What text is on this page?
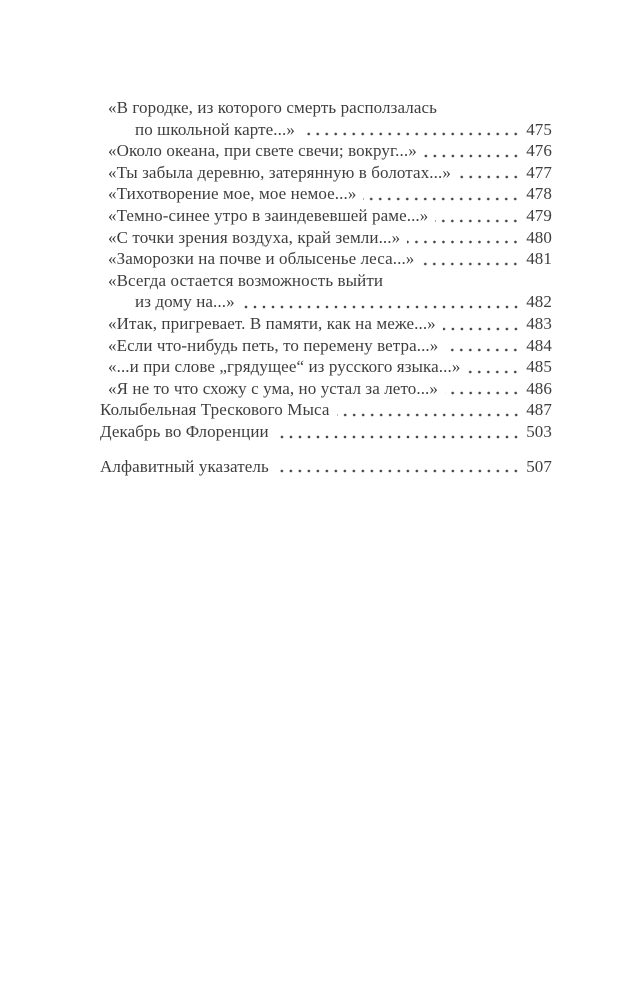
«В городке, из которого смерть расползалась
по школьной карте...»	475
«Около океана, при свете свечи; вокруг...»	476
«Ты забыла деревню, затерянную в болотах...»	477
«Тихотворение мое, мое немое...»	478
«Темно-синее утро в заиндевевшей раме...»	479
«С точки зрения воздуха, край земли...»	480
«Заморозки на почве и облысенье леса...»	481
«Всегда остается возможность выйти
из дому на...»	482
«Итак, пригревает. В памяти, как на меже...»	483
«Если что-нибудь петь, то перемену ветра...»	484
«...и при слове „грядущее“ из русского языка...»	485
«Я не то что схожу с ума, но устал за лето...»	486
Колыбельная Трескового Мыса	487
Декабрь во Флоренции	503
Алфавитный указатель	507
